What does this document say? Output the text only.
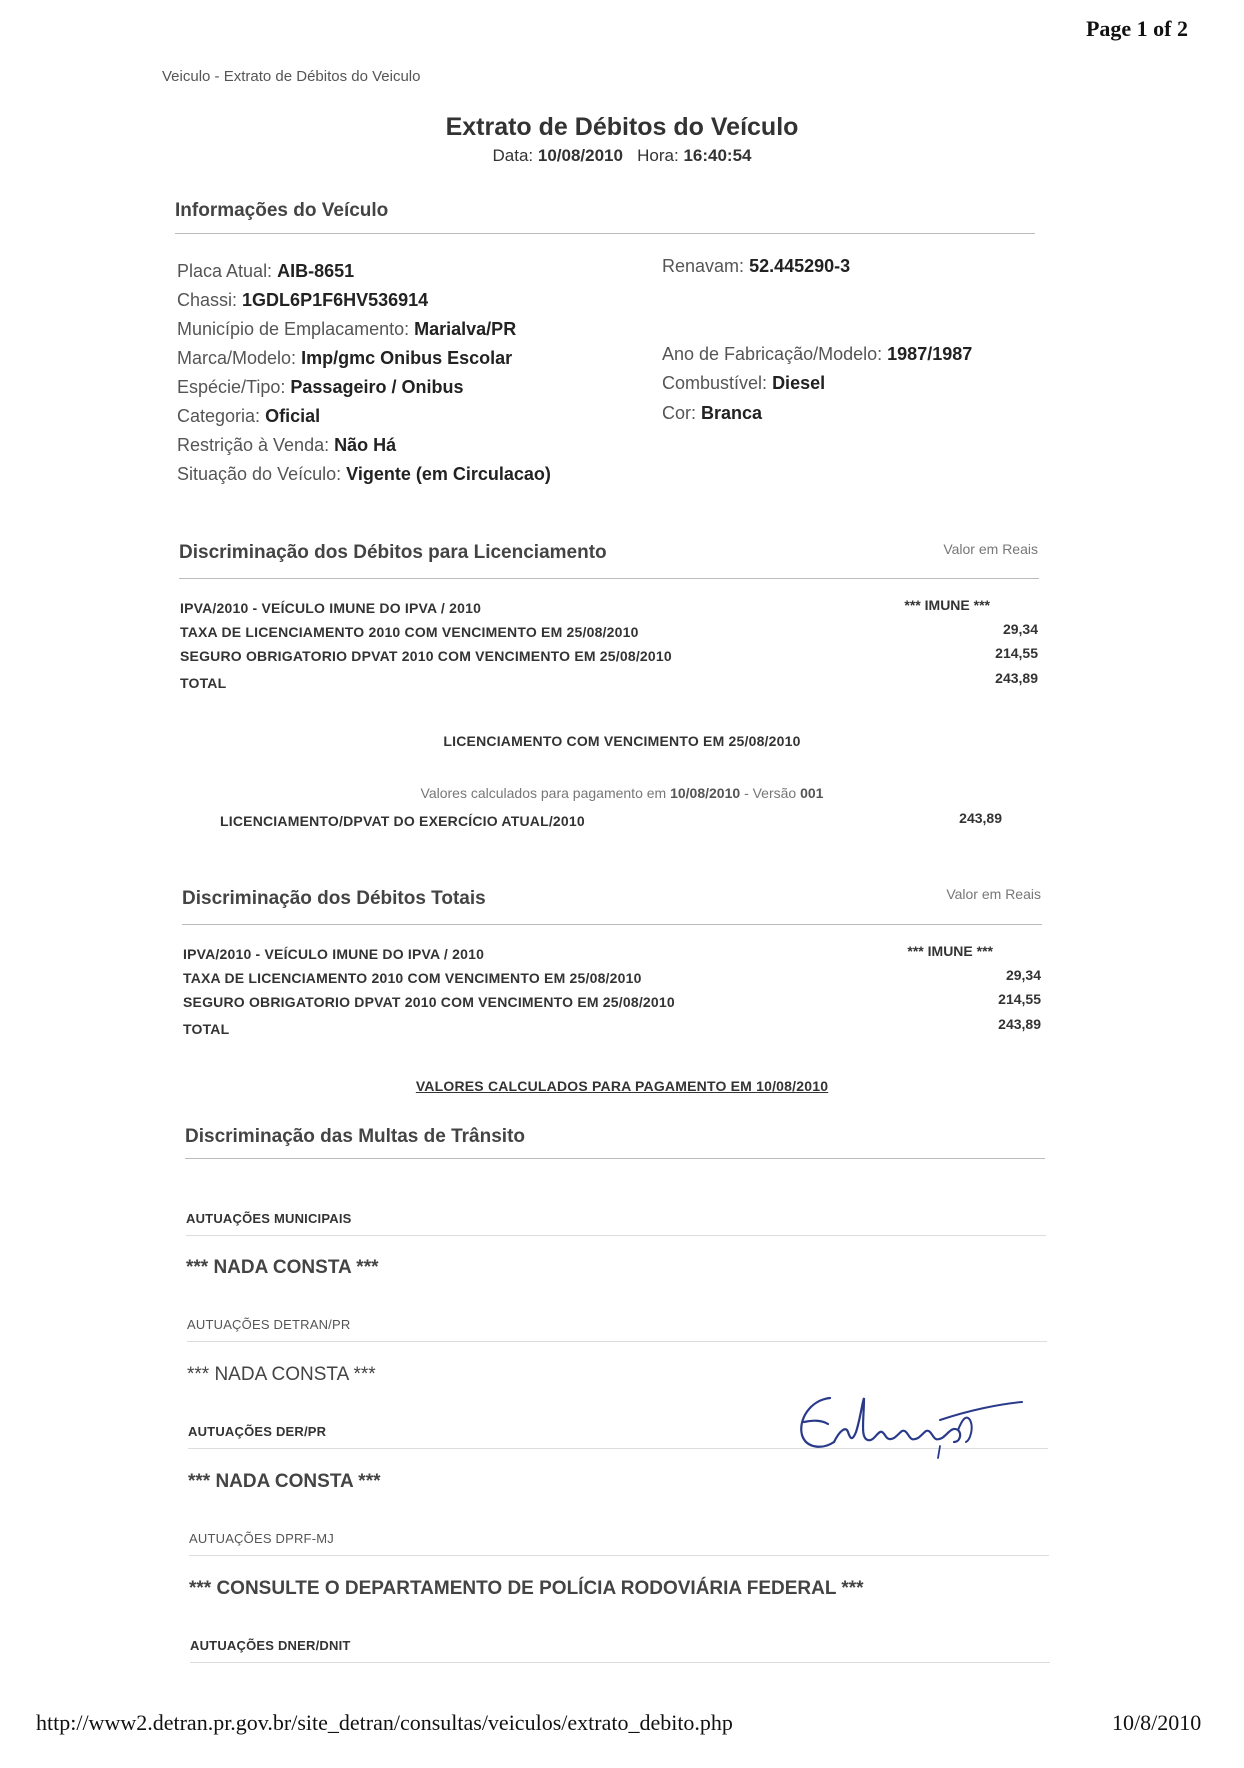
Page 1 of 2
Veiculo - Extrato de Débitos do Veiculo
Extrato de Débitos do Veículo
Data: 10/08/2010 Hora: 16:40:54
Informações do Veículo
Placa Atual: AIB-8651
Chassi: 1GDL6P1F6HV536914
Município de Emplacamento: Marialva/PR
Marca/Modelo: Imp/gmc Onibus Escolar
Espécie/Tipo: Passageiro / Onibus
Categoria: Oficial
Restrição à Venda: Não Há
Situação do Veículo: Vigente (em Circulacao)
Renavam: 52.445290-3
Ano de Fabricação/Modelo: 1987/1987
Combustível: Diesel
Cor: Branca
Discriminação dos Débitos para Licenciamento	Valor em Reais
IPVA/2010 - VEÍCULO IMUNE DO IPVA / 2010	*** IMUNE ***
TAXA DE LICENCIAMENTO 2010 COM VENCIMENTO EM 25/08/2010	29,34
SEGURO OBRIGATORIO DPVAT 2010 COM VENCIMENTO EM 25/08/2010	214,55
TOTAL	243,89
LICENCIAMENTO COM VENCIMENTO EM 25/08/2010
Valores calculados para pagamento em 10/08/2010 - Versão 001
LICENCIAMENTO/DPVAT DO EXERCÍCIO ATUAL/2010	243,89
Discriminação dos Débitos Totais	Valor em Reais
IPVA/2010 - VEÍCULO IMUNE DO IPVA / 2010	*** IMUNE ***
TAXA DE LICENCIAMENTO 2010 COM VENCIMENTO EM 25/08/2010	29,34
SEGURO OBRIGATORIO DPVAT 2010 COM VENCIMENTO EM 25/08/2010	214,55
TOTAL	243,89
VALORES CALCULADOS PARA PAGAMENTO EM 10/08/2010
Discriminação das Multas de Trânsito
AUTUAÇÕES MUNICIPAIS
*** NADA CONSTA ***
AUTUAÇÕES DETRAN/PR
*** NADA CONSTA ***
AUTUAÇÕES DER/PR
*** NADA CONSTA ***
AUTUAÇÕES DPRF-MJ
*** CONSULTE O DEPARTAMENTO DE POLÍCIA RODOVIÁRIA FEDERAL ***
AUTUAÇÕES DNER/DNIT
http://www2.detran.pr.gov.br/site_detran/consultas/veiculos/extrato_debito.php	10/8/2010
